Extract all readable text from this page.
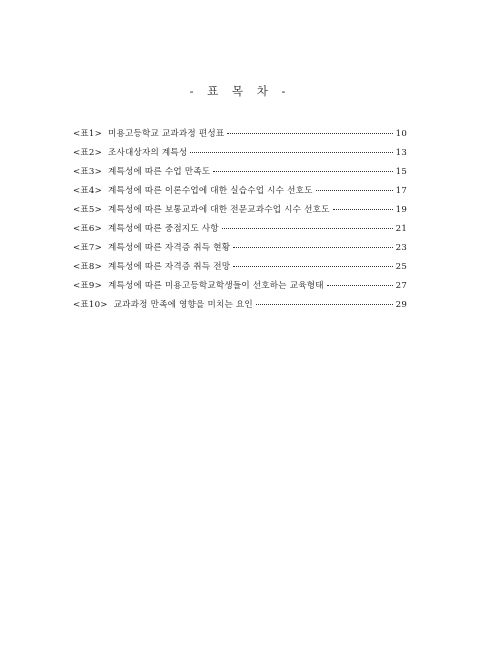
- 표 목 차 -
<표1> 미용고등학교 교과과정 편성표	10
<표2> 조사대상자의 계특성	13
<표3> 계특성에 따른 수업 만족도	15
<표4> 계특성에 따른 이론수업에 대한 실습수업 시수 선호도	17
<표5> 계특성에 따른 보통교과에 대한 전문교과수업 시수 선호도	19
<표6> 계특성에 따른 중점지도 사항	21
<표7> 계특성에 따른 자격증 취득 현황	23
<표8> 계특성에 따른 자격증 취득 전망	25
<표9> 계특성에 따른 미용고등학교학생들이 선호하는 교육형태	27
<표10> 교과과정 만족에 영향을 미치는 요인	29
